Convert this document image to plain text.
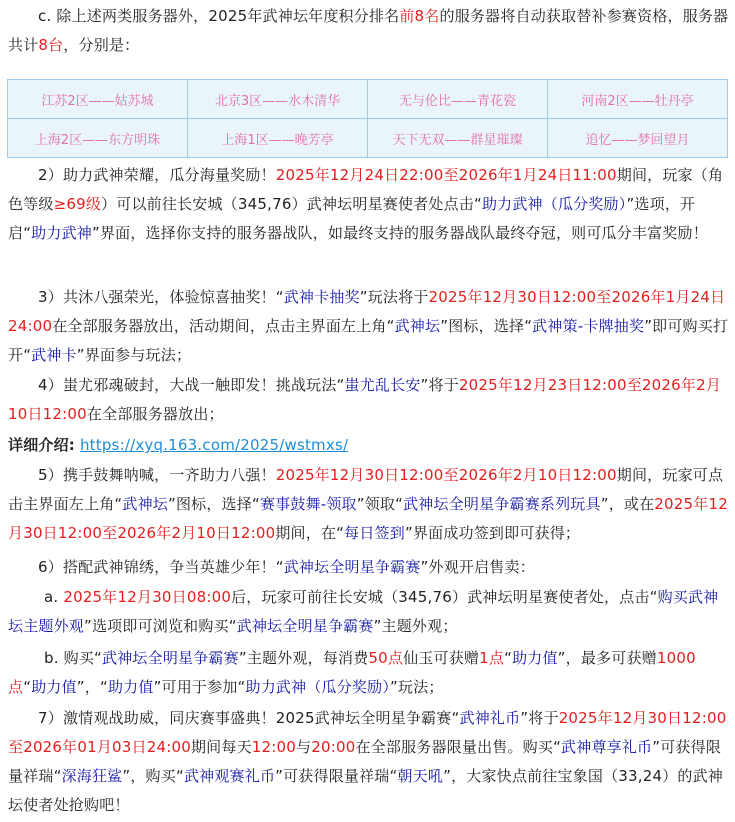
c. 除上述两类服务器外，2025年武神坛年度积分排名前8名的服务器将自动获取替补参赛资格，服务器共计8台，分别是：
江苏2区——姑苏城	北京3区——水木清华	无与伦比——青花瓷	河南2区——牡丹亭
上海2区——东方明珠	上海1区——晚芳亭	天下无双——群星璀璨	追忆——梦回望月
2）助力武神荣耀，瓜分海量奖励！2025年12月24日22:00至2026年1月24日11:00期间，玩家（角色等级≥69级）可以前往长安城（345,76）武神坛明星赛使者处点击“助力武神（瓜分奖励）”选项，开启“助力武神”界面，选择你支持的服务器战队，如最终支持的服务器战队最终夺冠，则可瓜分丰富奖励！
3）共沐八强荣光，体验惊喜抽奖！“武神卡抽奖”玩法将于2025年12月30日12:00至2026年1月24日24:00在全部服务器放出，活动期间，点击主界面左上角“武神坛”图标，选择“武神策-卡牌抽奖”即可购买打开“武神卡”界面参与玩法；
4）蚩尤邪魂破封，大战一触即发！挑战玩法“蚩尤乱长安”将于2025年12月23日12:00至2026年2月10日12:00在全部服务器放出；
详细介绍: https://xyq.163.com/2025/wstmxs/
5）携手鼓舞呐喊，一齐助力八强！2025年12月30日12:00至2026年2月10日12:00期间，玩家可点击主界面左上角“武神坛”图标，选择“赛事鼓舞-领取”领取“武神坛全明星争霸赛系列玩具”，或在2025年12月30日12:00至2026年2月10日12:00期间，在“每日签到”界面成功签到即可获得；
6）搭配武神锦绣，争当英雄少年！“武神坛全明星争霸赛”外观开启售卖：
a. 2025年12月30日08:00后，玩家可前往长安城（345,76）武神坛明星赛使者处，点击“购买武神坛主题外观”选项即可浏览和购买“武神坛全明星争霸赛”主题外观；
b. 购买“武神坛全明星争霸赛”主题外观，每消费50点仙玉可获赠1点“助力值”，最多可获赠1000点“助力值”，“助力值”可用于参加“助力武神（瓜分奖励）”玩法；
7）激情观战助威，同庆赛事盛典！2025武神坛全明星争霸赛“武神礼币”将于2025年12月30日12:00至2026年01月03日24:00期间每天12:00与20:00在全部服务器限量出售。购买“武神尊享礼币”可获得限量祥瑞“深海狂鲨”，购买“武神观赛礼币”可获得限量祥瑞“朝天吼”，大家快点前往宝象国（33,24）的武神坛使者处抢购吧！
